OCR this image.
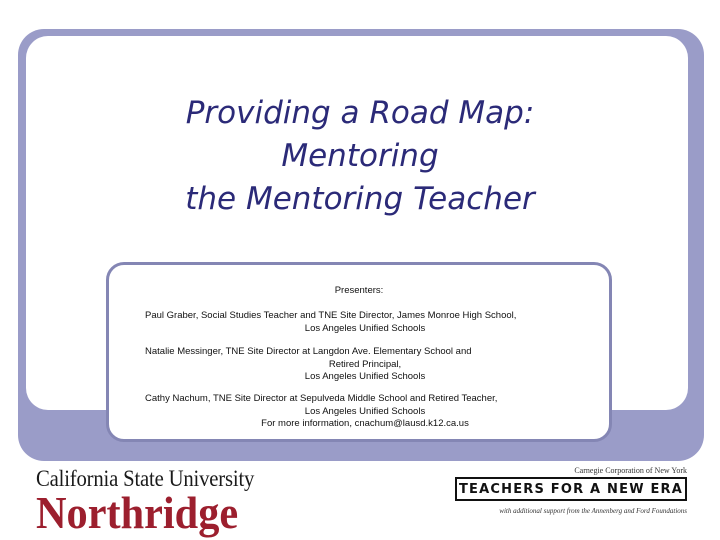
Providing a Road Map:
Mentoring
the Mentoring Teacher
Presenters:
Paul Graber, Social Studies Teacher and TNE Site Director, James Monroe High School,
Los Angeles Unified Schools
Natalie Messinger, TNE Site Director at Langdon Ave. Elementary School and
Retired Principal,
Los Angeles Unified Schools
Cathy Nachum, TNE Site Director at Sepulveda Middle School and Retired Teacher,
Los Angeles Unified Schools
For more information, cnachum@lausd.k12.ca.us
California State University
Northridge
Carnegie Corporation of New York
TEACHERS FOR A NEW ERA
with additional support from the Annenberg and Ford Foundations
